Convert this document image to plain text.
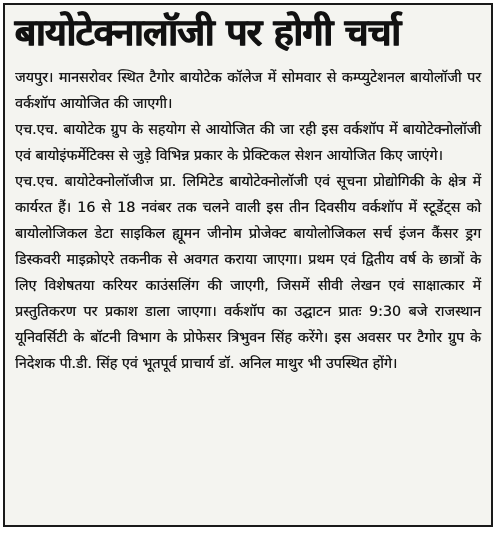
बायोटेक्नालॉजी पर होगी चर्चा
जयपुर। मानसरोवर स्थित टैगोर बायोटेक कॉलेज में सोमवार से कम्प्युटेशनल बायोलॉजी पर वर्कशॉप आयोजित की जाएगी।
एच.एच. बायोटेक ग्रुप के सहयोग से आयोजित की जा रही इस वर्कशॉप में बायोटेक्नोलॉजी एवं बायोइंफर्मेटिक्स से जुड़े विभिन्न प्रकार के प्रेक्टिकल सेशन आयोजित किए जाएंगे।
एच.एच. बायोटेक्नोलॉजीज प्रा. लिमिटेड बायोटेक्नोलॉजी एवं सूचना प्रोद्योगिकी के क्षेत्र में कार्यरत हैं। 16 से 18 नवंबर तक चलने वाली इस तीन दिवसीय वर्कशॉप में स्टूडेंट्स को बायोलोजिकल डेटा साइकिल ह्यूमन जीनोम प्रोजेक्ट बायोलोजिकल सर्च इंजन कैंसर ड्रग डिस्कवरी माइक्रोएरे तकनीक से अवगत कराया जाएगा। प्रथम एवं द्वितीय वर्ष के छात्रों के लिए विशेषतया करियर काउंसलिंग की जाएगी, जिसमें सीवी लेखन एवं साक्षात्कार में प्रस्तुतिकरण पर प्रकाश डाला जाएगा। वर्कशॉप का उद्घाटन प्रातः 9:30 बजे राजस्थान यूनिवर्सिटी के बॉटनी विभाग के प्रोफेसर त्रिभुवन सिंह करेंगे। इस अवसर पर टैगोर ग्रुप के निदेशक पी.डी. सिंह एवं भूतपूर्व प्राचार्य डॉ. अनिल माथुर भी उपस्थित होंगे।
